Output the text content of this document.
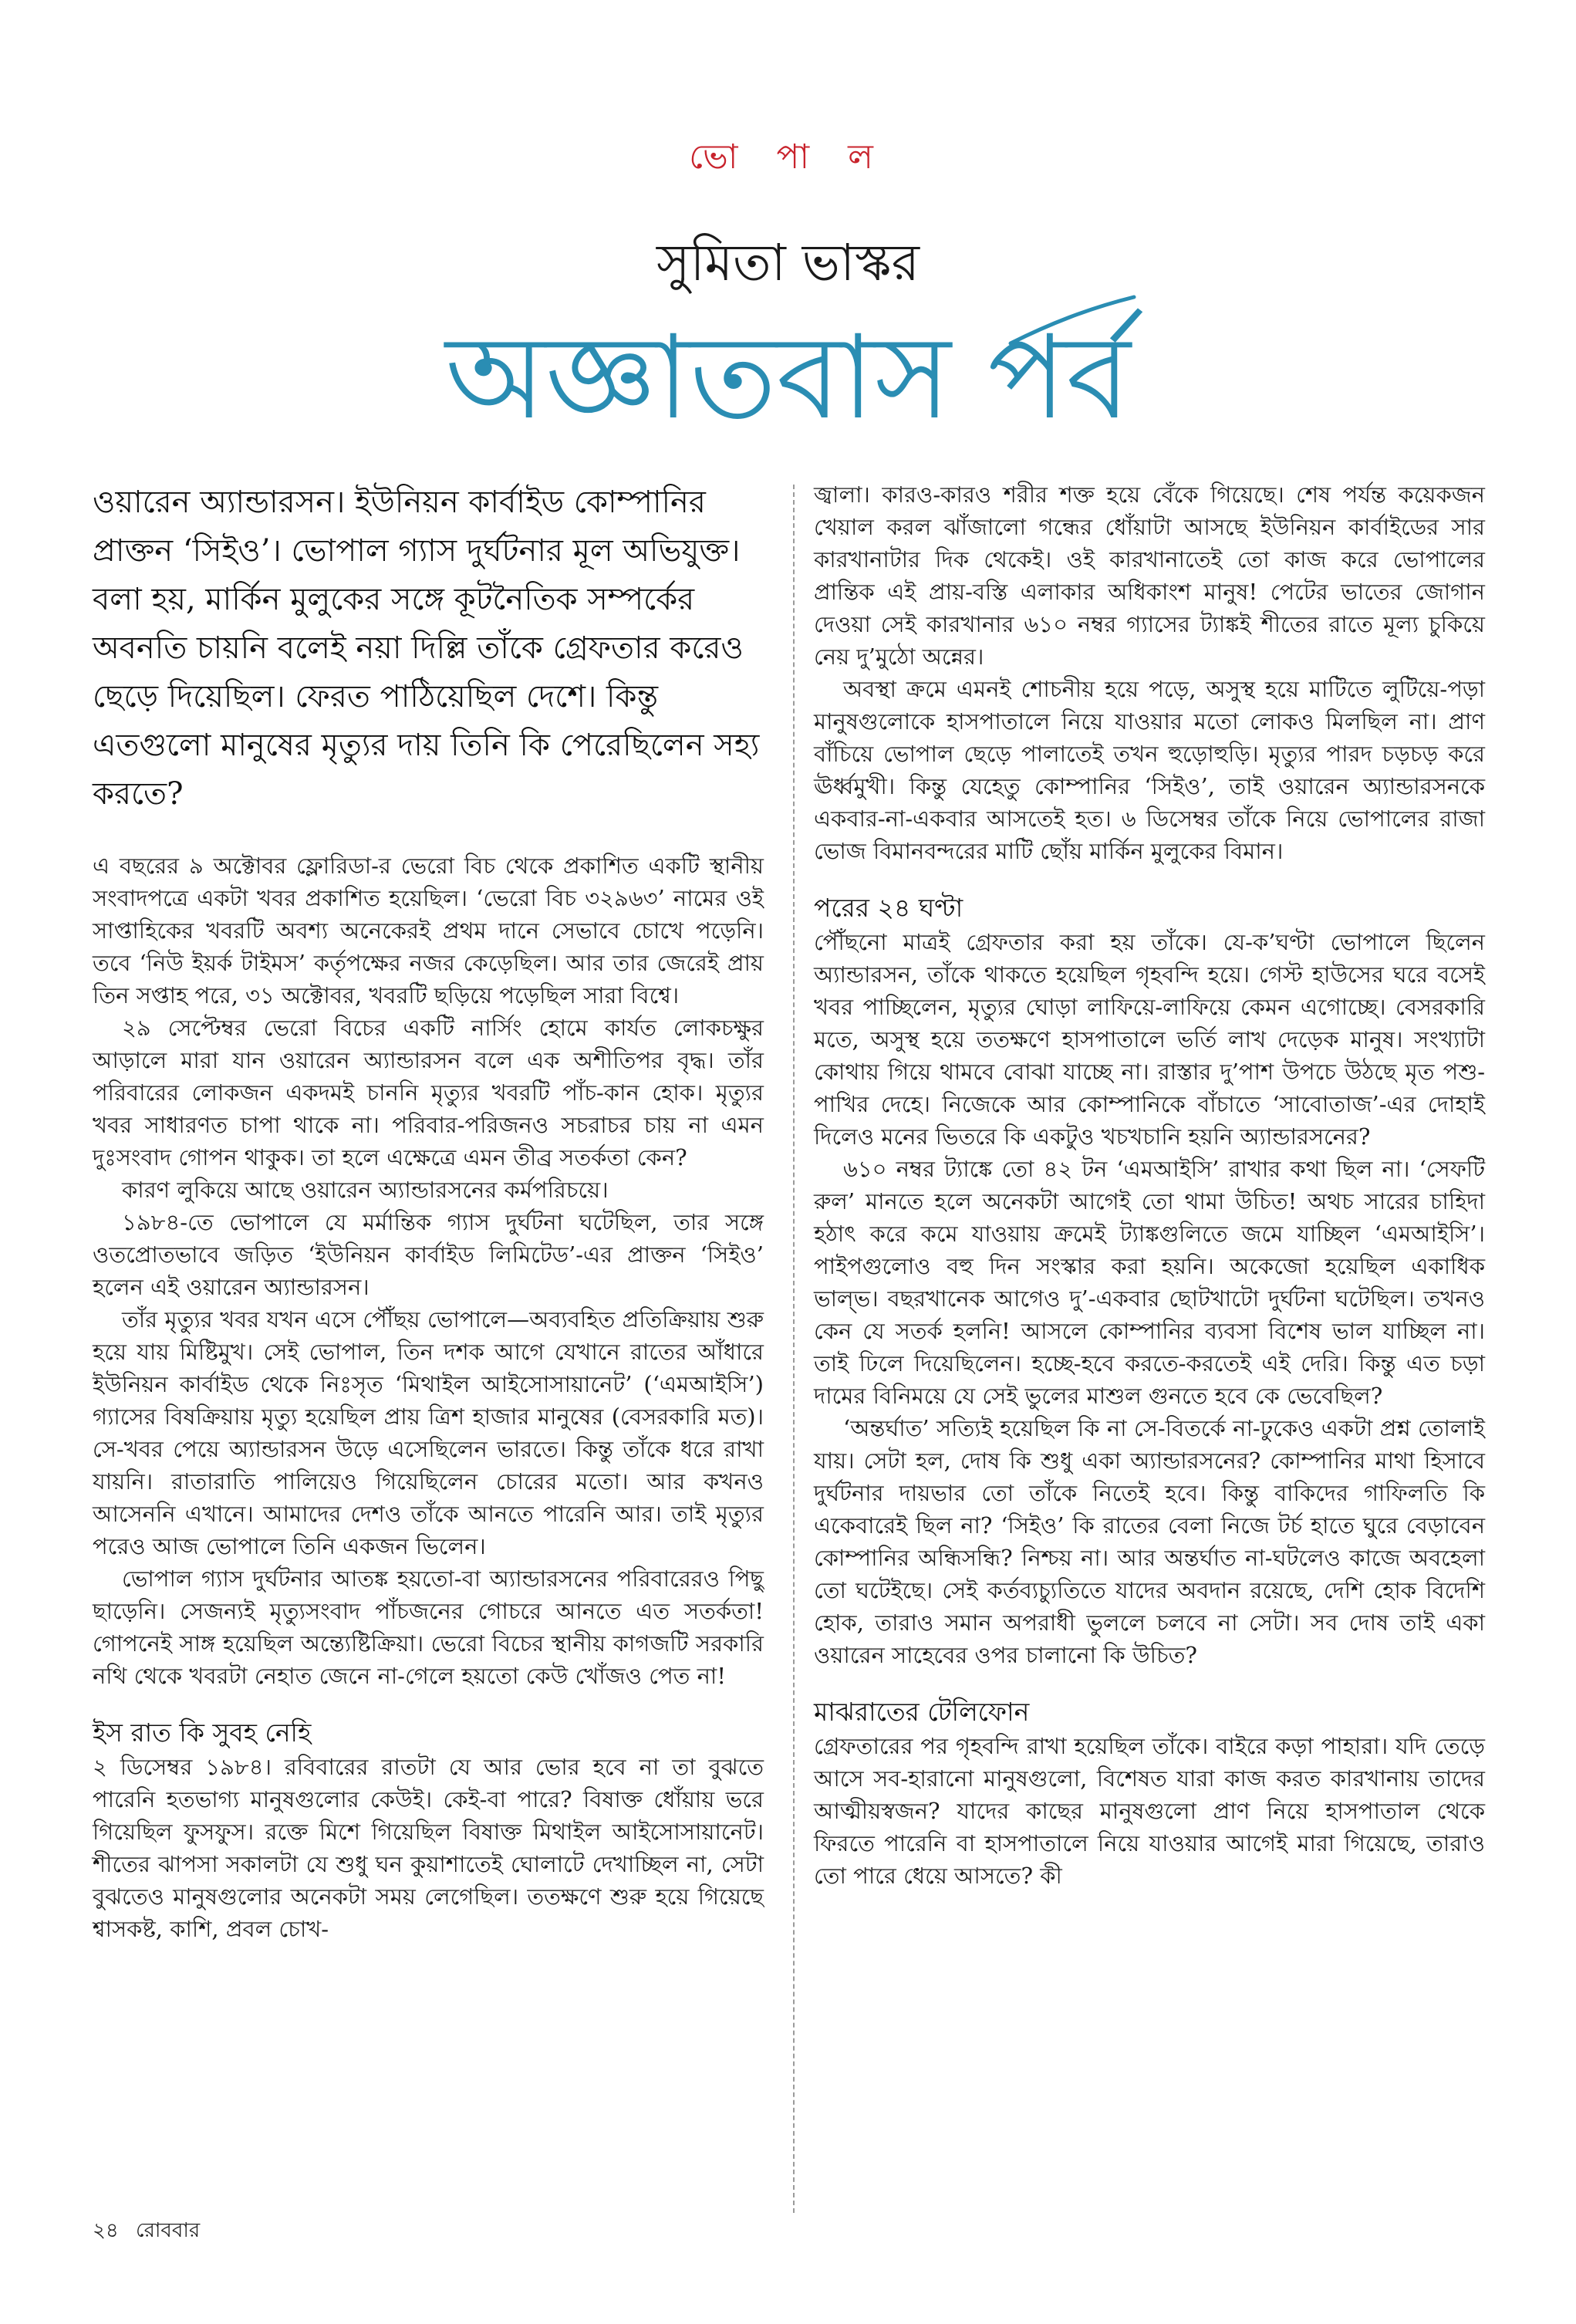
ভো পা ল
সুমিতা ভাস্কর
অজ্ঞাতবাস পর্ব

ওয়ারেন অ্যান্ডারসন। ইউনিয়ন কার্বাইড কোম্পানির প্রাক্তন ‘সিইও’। ভোপাল গ্যাস দুর্ঘটনার মূল অভিযুক্ত। বলা হয়, মার্কিন মুলুকের সঙ্গে কূটনৈতিক সম্পর্কের অবনতি চায়নি বলেই নয়া দিল্লি তাঁকে গ্রেফতার করেও ছেড়ে দিয়েছিল। ফেরত পাঠিয়েছিল দেশে। কিন্তু এতগুলো মানুষের মৃত্যুর দায় তিনি কি পেরেছিলেন সহ্য করতে?

এ বছরের ৯ অক্টোবর ফ্লোরিডা-র ভেরো বিচ থেকে প্রকাশিত একটি স্থানীয় সংবাদপত্রে একটা খবর প্রকাশিত হয়েছিল। ‘ভেরো বিচ ৩২৯৬৩’ নামের ওই সাপ্তাহিকের খবরটি অবশ্য অনেকেরই প্রথম দানে সেভাবে চোখে পড়েনি। তবে ‘নিউ ইয়র্ক টাইমস’ কর্তৃপক্ষের নজর কেড়েছিল। আর তার জেরেই প্রায় তিন সপ্তাহ পরে, ৩১ অক্টোবর, খবরটি ছড়িয়ে পড়েছিল সারা বিশ্বে।

২৯ সেপ্টেম্বর ভেরো বিচের একটি নার্সিং হোমে কার্যত লোকচক্ষুর আড়ালে মারা যান ওয়ারেন অ্যান্ডারসন বলে এক অশীতিপর বৃদ্ধ। তাঁর পরিবারের লোকজন একদমই চাননি মৃত্যুর খবরটি পাঁচ-কান হোক। মৃত্যুর খবর সাধারণত চাপা থাকে না। পরিবার-পরিজনও সচরাচর চায় না এমন দুঃসংবাদ গোপন থাকুক। তা হলে এক্ষেত্রে এমন তীব্র সতর্কতা কেন?

কারণ লুকিয়ে আছে ওয়ারেন অ্যান্ডারসনের কর্মপরিচয়ে।

১৯৮৪-তে ভোপালে যে মর্মান্তিক গ্যাস দুর্ঘটনা ঘটেছিল, তার সঙ্গে ওতপ্রোতভাবে জড়িত ‘ইউনিয়ন কার্বাইড লিমিটেড’-এর প্রাক্তন ‘সিইও’ হলেন এই ওয়ারেন অ্যান্ডারসন।

তাঁর মৃত্যুর খবর যখন এসে পৌঁছয় ভোপালে—অব্যবহিত প্রতিক্রিয়ায় শুরু হয়ে যায় মিষ্টিমুখ। সেই ভোপাল, তিন দশক আগে যেখানে রাতের আঁধারে ইউনিয়ন কার্বাইড থেকে নিঃসৃত ‘মিথাইল আইসোসায়ানেট’ (‘এমআইসি’) গ্যাসের বিষক্রিয়ায় মৃত্যু হয়েছিল প্রায় ত্রিশ হাজার মানুষের (বেসরকারি মত)। সে-খবর পেয়ে অ্যান্ডারসন উড়ে এসেছিলেন ভারতে। কিন্তু তাঁকে ধরে রাখা যায়নি। রাতারাতি পালিয়েও গিয়েছিলেন চোরের মতো। আর কখনও আসেননি এখানে। আমাদের দেশও তাঁকে আনতে পারেনি আর। তাই মৃত্যুর পরেও আজ ভোপালে তিনি একজন ভিলেন।

ভোপাল গ্যাস দুর্ঘটনার আতঙ্ক হয়তো-বা অ্যান্ডারসনের পরিবারেরও পিছু ছাড়েনি। সেজন্যই মৃত্যুসংবাদ পাঁচজনের গোচরে আনতে এত সতর্কতা! গোপনেই সাঙ্গ হয়েছিল অন্ত্যেষ্টিক্রিয়া। ভেরো বিচের স্থানীয় কাগজটি সরকারি নথি থেকে খবরটা নেহাত জেনে না-গেলে হয়তো কেউ খোঁজও পেত না!

ইস রাত কি সুবহ নেহি

২ ডিসেম্বর ১৯৮৪। রবিবারের রাতটা যে আর ভোর হবে না তা বুঝতে পারেনি হতভাগ্য মানুষগুলোর কেউই। কেই-বা পারে? বিষাক্ত ধোঁয়ায় ভরে গিয়েছিল ফুসফুস। রক্তে মিশে গিয়েছিল বিষাক্ত মিথাইল আইসোসায়ানেট। শীতের ঝাপসা সকালটা যে শুধু ঘন কুয়াশাতেই ঘোলাটে দেখাচ্ছিল না, সেটা বুঝতেও মানুষগুলোর অনেকটা সময় লেগেছিল। ততক্ষণে শুরু হয়ে গিয়েছে শ্বাসকষ্ট, কাশি, প্রবল চোখ-

জ্বালা। কারও-কারও শরীর শক্ত হয়ে বেঁকে গিয়েছে। শেষ পর্যন্ত কয়েকজন খেয়াল করল ঝাঁজালো গন্ধের ধোঁয়াটা আসছে ইউনিয়ন কার্বাইডের সার কারখানাটার দিক থেকেই। ওই কারখানাতেই তো কাজ করে ভোপালের প্রান্তিক এই প্রায়-বস্তি এলাকার অধিকাংশ মানুষ! পেটের ভাতের জোগান দেওয়া সেই কারখানার ৬১০ নম্বর গ্যাসের ট্যাঙ্কই শীতের রাতে মূল্য চুকিয়ে নেয় দু’মুঠো অন্নের।

অবস্থা ক্রমে এমনই শোচনীয় হয়ে পড়ে, অসুস্থ হয়ে মাটিতে লুটিয়ে-পড়া মানুষগুলোকে হাসপাতালে নিয়ে যাওয়ার মতো লোকও মিলছিল না। প্রাণ বাঁচিয়ে ভোপাল ছেড়ে পালাতেই তখন হুড়োহুড়ি। মৃত্যুর পারদ চড়চড় করে ঊর্ধ্বমুখী। কিন্তু যেহেতু কোম্পানির ‘সিইও’, তাই ওয়ারেন অ্যান্ডারসনকে একবার-না-একবার আসতেই হত। ৬ ডিসেম্বর তাঁকে নিয়ে ভোপালের রাজা ভোজ বিমানবন্দরের মাটি ছোঁয় মার্কিন মুলুকের বিমান।

পরের ২৪ ঘণ্টা

পৌঁছনো মাত্রই গ্রেফতার করা হয় তাঁকে। যে-ক’ঘণ্টা ভোপালে ছিলেন অ্যান্ডারসন, তাঁকে থাকতে হয়েছিল গৃহবন্দি হয়ে। গেস্ট হাউসের ঘরে বসেই খবর পাচ্ছিলেন, মৃত্যুর ঘোড়া লাফিয়ে-লাফিয়ে কেমন এগোচ্ছে। বেসরকারি মতে, অসুস্থ হয়ে ততক্ষণে হাসপাতালে ভর্তি লাখ দেড়েক মানুষ। সংখ্যাটা কোথায় গিয়ে থামবে বোঝা যাচ্ছে না। রাস্তার দু’পাশ উপচে উঠছে মৃত পশু-পাখির দেহে। নিজেকে আর কোম্পানিকে বাঁচাতে ‘সাবোতাজ’-এর দোহাই দিলেও মনের ভিতরে কি একটুও খচখচানি হয়নি অ্যান্ডারসনের?

৬১০ নম্বর ট্যাঙ্কে তো ৪২ টন ‘এমআইসি’ রাখার কথা ছিল না। ‘সেফটি রুল’ মানতে হলে অনেকটা আগেই তো থামা উচিত! অথচ সারের চাহিদা হঠাৎ করে কমে যাওয়ায় ক্রমেই ট্যাঙ্কগুলিতে জমে যাচ্ছিল ‘এমআইসি’। পাইপগুলোও বহু দিন সংস্কার করা হয়নি। অকেজো হয়েছিল একাধিক ভাল্‌ভ। বছরখানেক আগেও দু’-একবার ছোটখাটো দুর্ঘটনা ঘটেছিল। তখনও কেন যে সতর্ক হলনি! আসলে কোম্পানির ব্যবসা বিশেষ ভাল যাচ্ছিল না। তাই ঢিলে দিয়েছিলেন। হচ্ছে-হবে করতে-করতেই এই দেরি। কিন্তু এত চড়া দামের বিনিময়ে যে সেই ভুলের মাশুল গুনতে হবে কে ভেবেছিল?

‘অন্তর্ঘাত’ সত্যিই হয়েছিল কি না সে-বিতর্কে না-ঢুকেও একটা প্রশ্ন তোলাই যায়। সেটা হল, দোষ কি শুধু একা অ্যান্ডারসনের? কোম্পানির মাথা হিসাবে দুর্ঘটনার দায়ভার তো তাঁকে নিতেই হবে। কিন্তু বাকিদের গাফিলতি কি একেবারেই ছিল না? ‘সিইও’ কি রাতের বেলা নিজে টর্চ হাতে ঘুরে বেড়াবেন কোম্পানির অন্ধিসন্ধি? নিশ্চয় না। আর অন্তর্ঘাত না-ঘটলেও কাজে অবহেলা তো ঘটেইছে। সেই কর্তব্যচ্যুতিতে যাদের অবদান রয়েছে, দেশি হোক বিদেশি হোক, তারাও সমান অপরাধী ভুললে চলবে না সেটা। সব দোষ তাই একা ওয়ারেন সাহেবের ওপর চালানো কি উচিত?

মাঝরাতের টেলিফোন

গ্রেফতারের পর গৃহবন্দি রাখা হয়েছিল তাঁকে। বাইরে কড়া পাহারা। যদি তেড়ে আসে সব-হারানো মানুষগুলো, বিশেষত যারা কাজ করত কারখানায় তাদের আত্মীয়স্বজন? যাদের কাছের মানুষগুলো প্রাণ নিয়ে হাসপাতাল থেকে ফিরতে পারেনি বা হাসপাতালে নিয়ে যাওয়ার আগেই মারা গিয়েছে, তারাও তো পারে ধেয়ে আসতে? কী

২৪ রোববার
